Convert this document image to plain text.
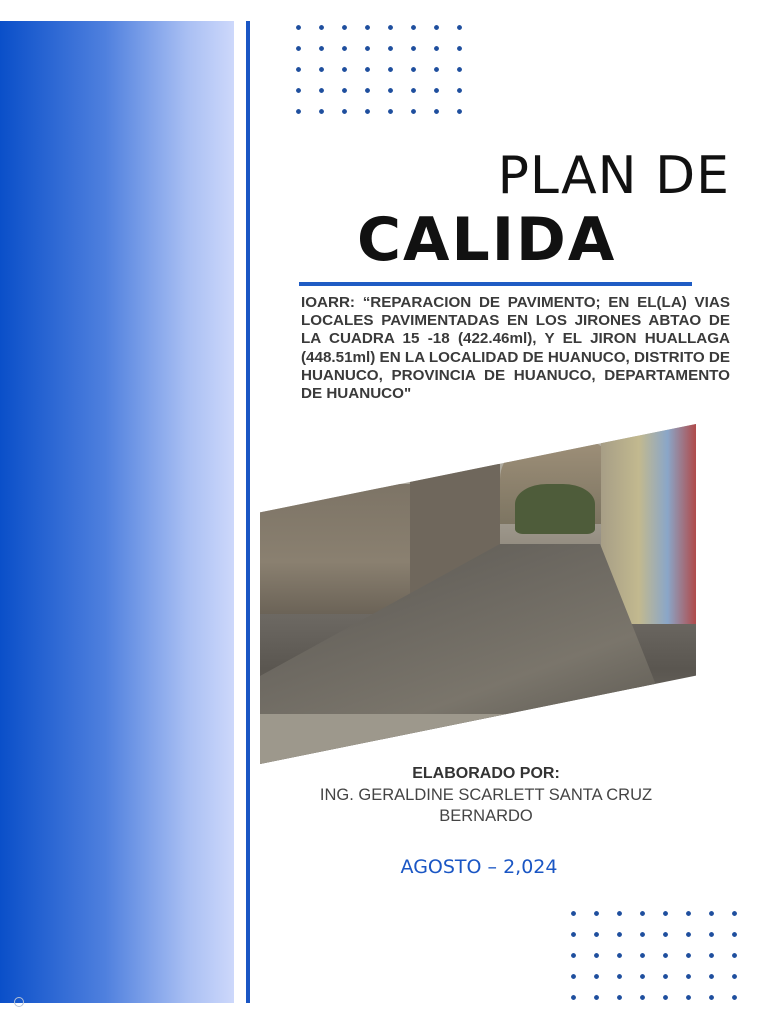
PLAN DE
CALIDA

IOARR: “REPARACION DE PAVIMENTO; EN EL(LA) VIAS LOCALES PAVIMENTADAS EN LOS JIRONES ABTAO DE LA CUADRA 15 -18 (422.46ml), Y EL JIRON HUALLAGA (448.51ml) EN LA LOCALIDAD DE HUANUCO, DISTRITO DE HUANUCO, PROVINCIA DE HUANUCO, DEPARTAMENTO DE HUANUCO"

ELABORADO POR:

ING. GERALDINE SCARLETT SANTA CRUZ BERNARDO

AGOSTO – 2,024
